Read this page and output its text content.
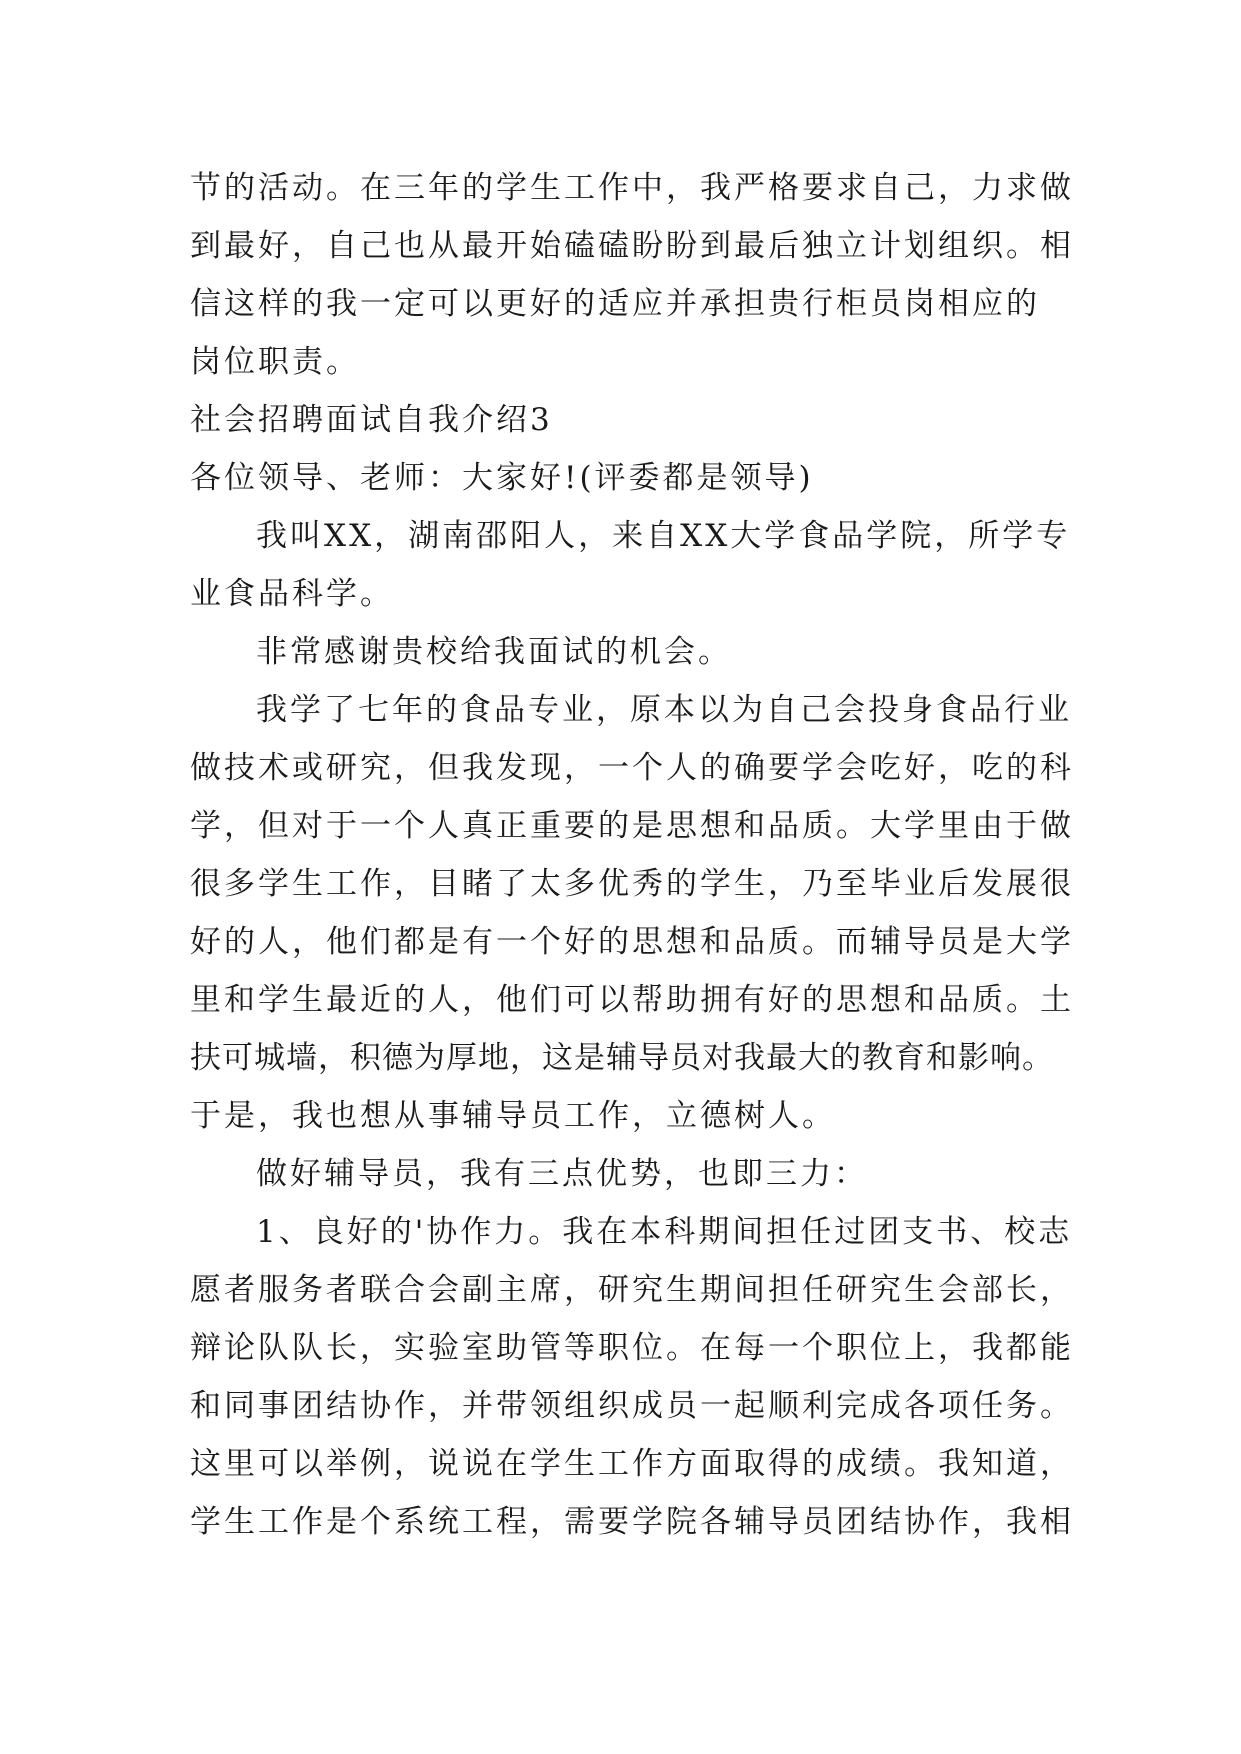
节的活动。在三年的学生工作中，我严格要求自己，力求做
到最好，自己也从最开始磕磕盼盼到最后独立计划组织。相
信这样的我一定可以更好的适应并承担贵行柜员岗相应的
岗位职责。
社会招聘面试自我介绍3
各位领导、老师：大家好!(评委都是领导)
我叫XX，湖南邵阳人，来自XX大学食品学院，所学专
业食品科学。
非常感谢贵校给我面试的机会。
我学了七年的食品专业，原本以为自己会投身食品行业
做技术或研究，但我发现，一个人的确要学会吃好，吃的科
学，但对于一个人真正重要的是思想和品质。大学里由于做
很多学生工作，目睹了太多优秀的学生，乃至毕业后发展很
好的人，他们都是有一个好的思想和品质。而辅导员是大学
里和学生最近的人，他们可以帮助拥有好的思想和品质。土
扶可城墙，积德为厚地，这是辅导员对我最大的教育和影响。
于是，我也想从事辅导员工作，立德树人。
做好辅导员，我有三点优势，也即三力：
1、良好的'协作力。我在本科期间担任过团支书、校志
愿者服务者联合会副主席，研究生期间担任研究生会部长，
辩论队队长，实验室助管等职位。在每一个职位上，我都能
和同事团结协作，并带领组织成员一起顺利完成各项任务。
这里可以举例，说说在学生工作方面取得的成绩。我知道，
学生工作是个系统工程，需要学院各辅导员团结协作，我相
